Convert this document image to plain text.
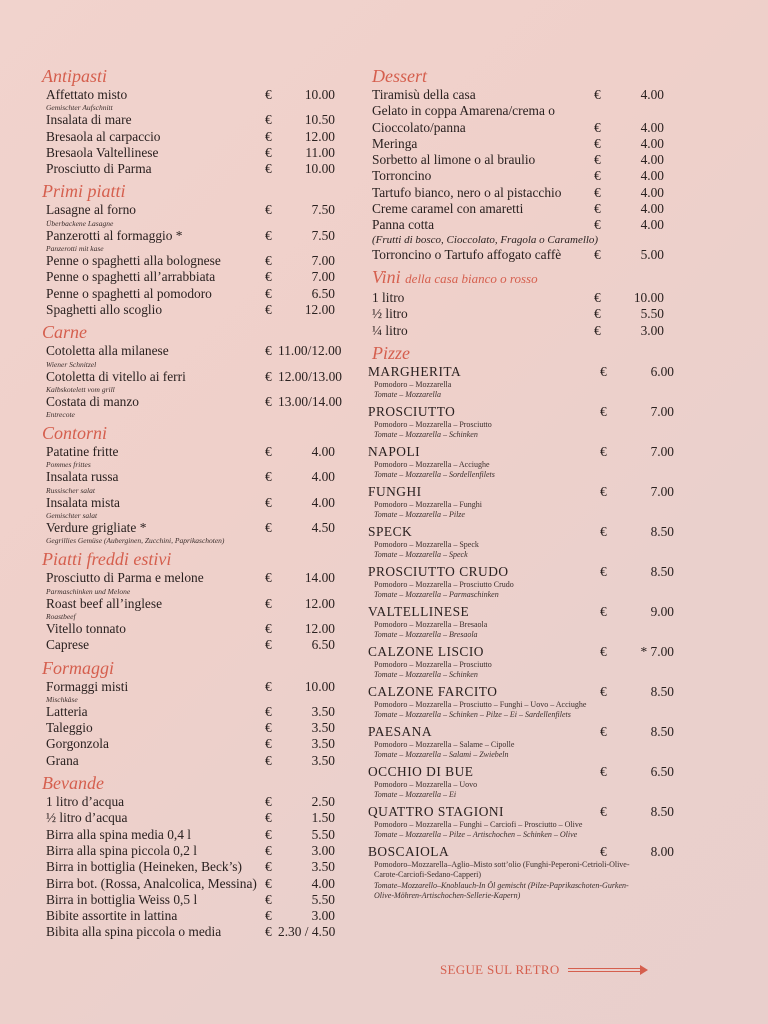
Antipasti
Affettato misto	€	10.00
Gemischter Aufschnitt
Insalata di mare	€	10.50
Bresaola al carpaccio	€	12.00
Bresaola Valtellinese	€	11.00
Prosciutto di Parma	€	10.00
Primi piatti
Lasagne al forno	€	7.50
Überbackene Lasagne
Panzerotti al formaggio *	€	7.50
Panzerotti mit kase
Penne o spaghetti alla bolognese	€	7.00
Penne o spaghetti all’arrabbiata	€	7.00
Penne o spaghetti al pomodoro	€	6.50
Spaghetti allo scoglio	€	12.00
Carne
Cotoletta alla milanese	€ 11.00/12.00
Wiener Schnitzel
Cotoletta di vitello ai ferri	€ 12.00/13.00
Kalbskotelett vom grill
Costata di manzo	€ 13.00/14.00
Entrecote
Contorni
Patatine fritte	€	4.00
Pommes frittes
Insalata russa	€	4.00
Russischer salat
Insalata mista	€	4.00
Gemischter salat
Verdure grigliate *	€	4.50
Gegrillies Gemüse (Auberginen, Zucchini, Paprikaschoten)
Piatti freddi estivi
Prosciutto di Parma e melone	€	14.00
Parmaschinken und Melone
Roast beef all’inglese	€	12.00
Roastbeef
Vitello tonnato	€	12.00
Caprese	€	6.50
Formaggi
Formaggi misti	€	10.00
Mischkäse
Latteria	€	3.50
Taleggio	€	3.50
Gorgonzola	€	3.50
Grana	€	3.50
Bevande
1 litro d’acqua	€	2.50
½ litro d’acqua	€	1.50
Birra alla spina media 0,4 l	€	5.50
Birra alla spina piccola 0,2 l	€	3.00
Birra in bottiglia (Heineken, Beck’s) €	3.50
Birra bot. (Rossa, Analcolica, Messina) €	4.00
Birra in bottiglia Weiss 0,5 l	€	5.50
Bibite assortite in lattina	€	3.00
Bibita alla spina piccola o media	€ 2.30 / 4.50
Dessert
Tiramisù della casa	€	4.00
Gelato in coppa Amarena/crema o
Cioccolato/panna	€	4.00
Meringa	€	4.00
Sorbetto al limone o al braulio	€	4.00
Torroncino	€	4.00
Tartufo bianco, nero o al pistacchio €	4.00
Creme caramel con amaretti	€	4.00
Panna cotta	€	4.00
(Frutti di bosco, Cioccolato, Fragola o Caramello)
Torroncino o Tartufo affogato caffè €	5.00
Vini della casa bianco o rosso
1 litro	€	10.00
½ litro	€	5.50
¼ litro	€	3.00
Pizze
MARGHERITA	€	6.00
Pomodoro – Mozzarella
Tomate – Mozzarella
PROSCIUTTO	€	7.00
Pomodoro – Mozzarella – Prosciutto
Tomate – Mozzarella – Schinken
NAPOLI	€	7.00
Pomodoro – Mozzarella – Acciughe
Tomate – Mozzarella – Sordellenfilets
FUNGHI	€	7.00
Pomodoro – Mozzarella – Funghi
Tomate – Mozzarella – Pilze
SPECK	€	8.50
Pomodoro – Mozzarella – Speck
Tomate – Mozzarella – Speck
PROSCIUTTO CRUDO	€	8.50
Pomodoro – Mozzarella – Prosciutto Crudo
Tomate – Mozzarella – Parmaschinken
VALTELLINESE	€	9.00
Pomodoro – Mozzarella – Bresaola
Tomate – Mozzarella – Bresaola
CALZONE LISCIO	€	* 7.00
Pomodoro – Mozzarella – Prosciutto
Tomate – Mozzarella – Schinken
CALZONE FARCITO	€	8.50
Pomodoro – Mozzarella – Prosciutto – Funghi – Uovo – Acciughe
Tomate – Mozzarella – Schinken – Pilze – Ei – Sardellenfilets
PAESANA	€	8.50
Pomodoro – Mozzarella – Salame – Cipolle
Tomate – Mozzarella – Salami – Zwiebeln
OCCHIO DI BUE	€	6.50
Pomodoro – Mozzarella – Uovo
Tomate – Mozzarella – Ei
QUATTRO STAGIONI	€	8.50
Pomodoro – Mozzarella – Funghi – Carciofi – Prosciutto – Olive
Tomate – Mozzarella – Pilze – Artischochen – Schinken – Olive
BOSCAIOLA	€	8.00
Pomodoro–Mozzarella–Aglio–Misto sott’olio (Funghi-Peperoni-Cetrioli-Olive-
Carote-Carciofi-Sedano-Capperi)
Tomate–Mozzarello–Knoblauch-In Öl gemischt (Pilze-Paprikaschoten-Gurken-
Olive-Möhren-Artischochen-Sellerie-Kapern)
SEGUE SUL RETRO
